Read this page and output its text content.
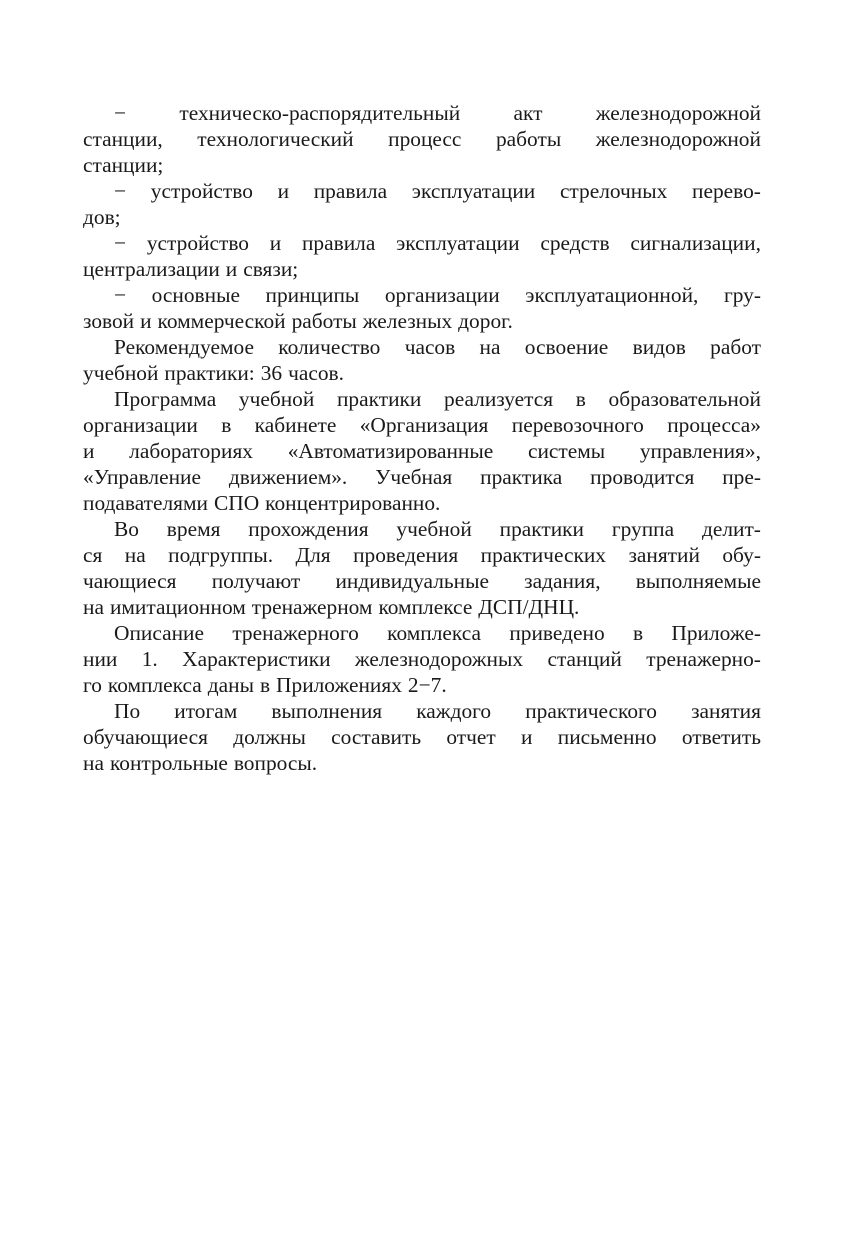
− техническо-распорядительный акт железнодорожной
станции, технологический процесс работы железнодорожной
станции;
− устройство и правила эксплуатации стрелочных перево-
дов;
− устройство и правила эксплуатации средств сигнализации,
централизации и связи;
− основные принципы организации эксплуатационной, гру-
зовой и коммерческой работы железных дорог.
Рекомендуемое количество часов на освоение видов работ
учебной практики: 36 часов.
Программа учебной практики реализуется в образовательной
организации в кабинете «Организация перевозочного процесса»
и лабораториях «Автоматизированные системы управления»,
«Управление движением». Учебная практика проводится пре-
подавателями СПО концентрированно.
Во время прохождения учебной практики группа делит-
ся на подгруппы. Для проведения практических занятий обу-
чающиеся получают индивидуальные задания, выполняемые
на имитационном тренажерном комплексе ДСП/ДНЦ.
Описание тренажерного комплекса приведено в Приложе-
нии 1. Характеристики железнодорожных станций тренажерно-
го комплекса даны в Приложениях 2−7.
По итогам выполнения каждого практического занятия
обучающиеся должны составить отчет и письменно ответить
на контрольные вопросы.
